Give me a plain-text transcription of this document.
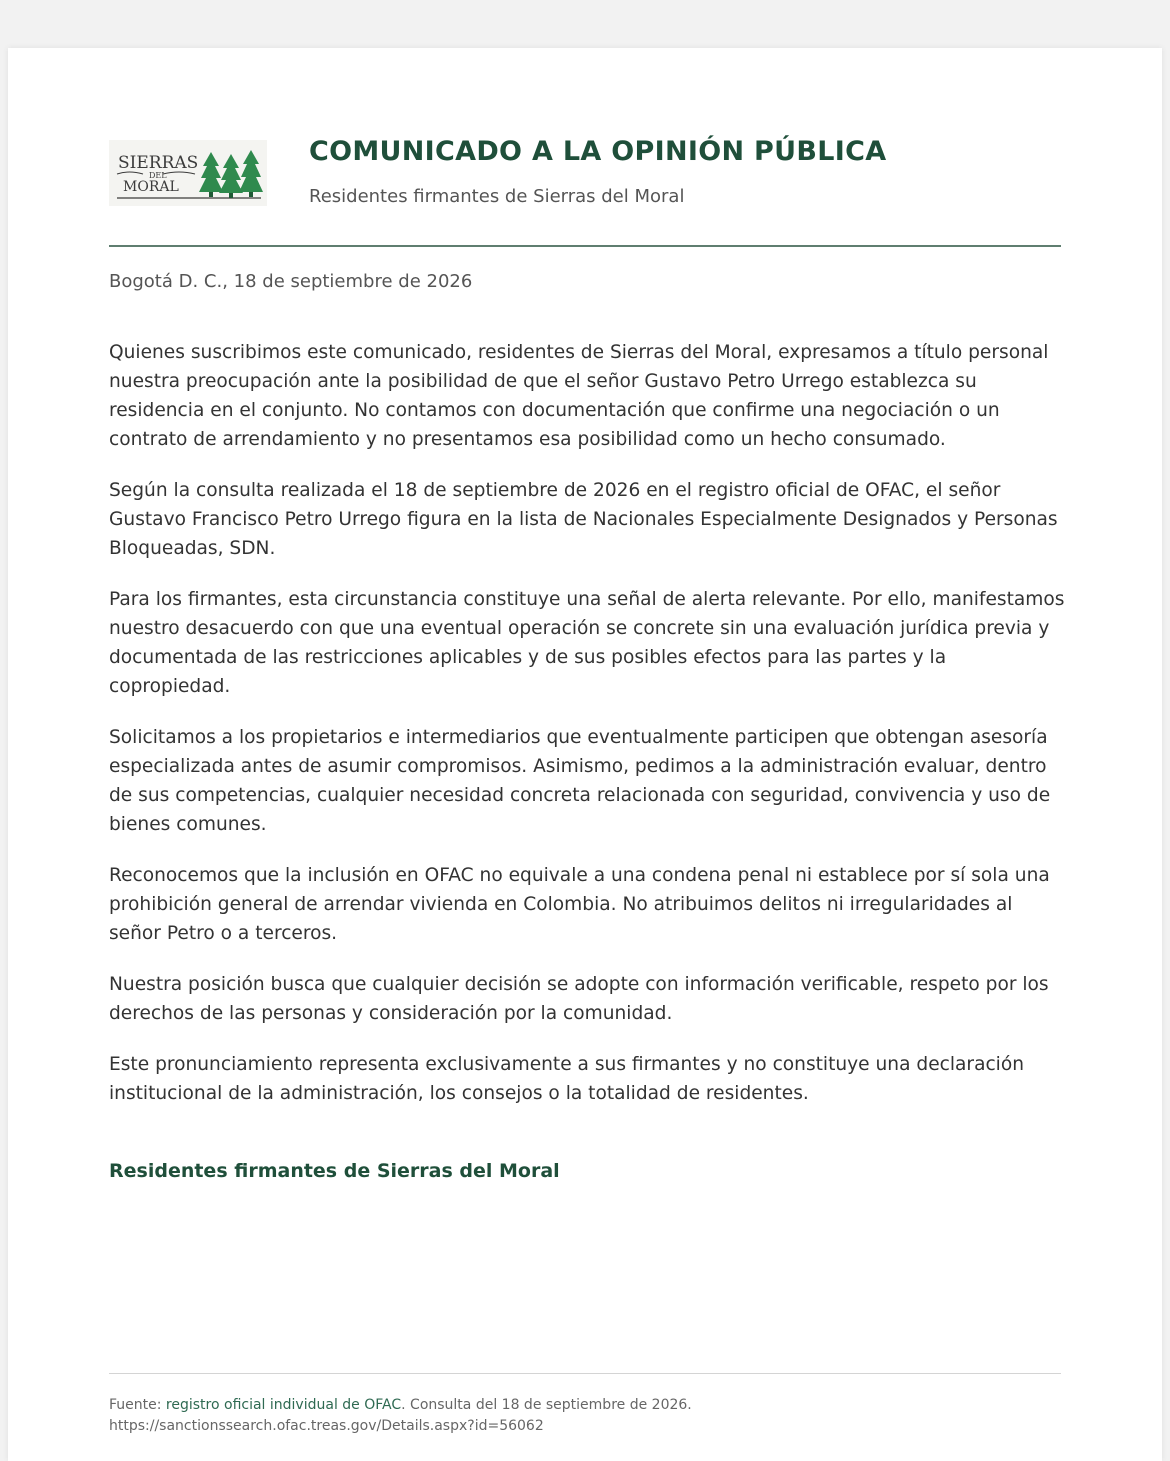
SIERRAS
DEL
MORAL
COMUNICADO A LA OPINIÓN PÚBLICA
Residentes firmantes de Sierras del Moral
Bogotá D. C., 18 de septiembre de 2026

Quienes suscribimos este comunicado, residentes de Sierras del Moral, expresamos a título personal nuestra preocupación ante la posibilidad de que el señor Gustavo Petro Urrego establezca su residencia en el conjunto. No contamos con documentación que confirme una negociación o un contrato de arrendamiento y no presentamos esa posibilidad como un hecho consumado.

Según la consulta realizada el 18 de septiembre de 2026 en el registro oficial de OFAC, el señor Gustavo Francisco Petro Urrego figura en la lista de Nacionales Especialmente Designados y Personas Bloqueadas, SDN.

Para los firmantes, esta circunstancia constituye una señal de alerta relevante. Por ello, manifestamos nuestro desacuerdo con que una eventual operación se concrete sin una evaluación jurídica previa y documentada de las restricciones aplicables y de sus posibles efectos para las partes y la copropiedad.

Solicitamos a los propietarios e intermediarios que eventualmente participen que obtengan asesoría especializada antes de asumir compromisos. Asimismo, pedimos a la administración evaluar, dentro de sus competencias, cualquier necesidad concreta relacionada con seguridad, convivencia y uso de bienes comunes.

Reconocemos que la inclusión en OFAC no equivale a una condena penal ni establece por sí sola una prohibición general de arrendar vivienda en Colombia. No atribuimos delitos ni irregularidades al señor Petro o a terceros.

Nuestra posición busca que cualquier decisión se adopte con información verificable, respeto por los derechos de las personas y consideración por la comunidad.

Este pronunciamiento representa exclusivamente a sus firmantes y no constituye una declaración institucional de la administración, los consejos o la totalidad de residentes.

Residentes firmantes de Sierras del Moral
Fuente: registro oficial individual de OFAC. Consulta del 18 de septiembre de 2026.
https://sanctionssearch.ofac.treas.gov/Details.aspx?id=56062
